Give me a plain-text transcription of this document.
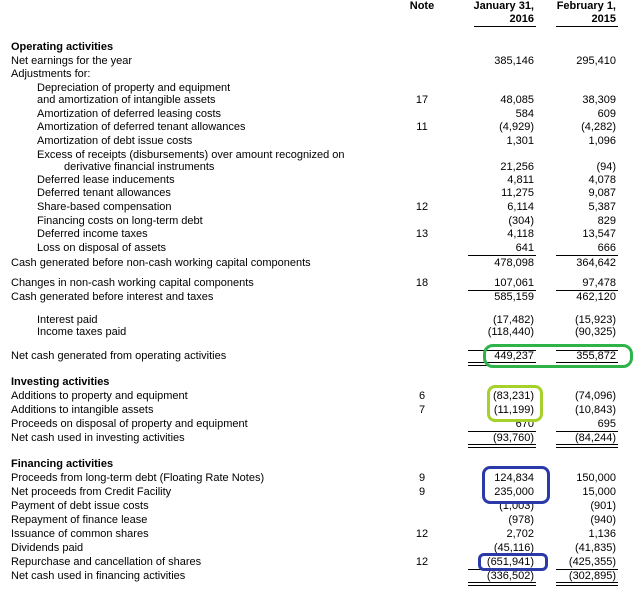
Note	January 31,
2016
February 1,
2015
Operating activities
Net earnings for the year	385,146	295,410
Adjustments for:
Depreciation of property and equipment
and amortization of intangible assets	17	48,085	38,309
Amortization of deferred leasing costs	584	609
Amortization of deferred tenant allowances	11	(4,929)	(4,282)
Amortization of debt issue costs	1,301	1,096
Excess of receipts (disbursements) over amount recognized on
derivative financial instruments	21,256	(94)
Deferred lease inducements	4,811	4,078
Deferred tenant allowances	11,275	9,087
Share-based compensation	12	6,114	5,387
Financing costs on long-term debt	(304)	829
Deferred income taxes	13	4,118	13,547
Loss on disposal of assets	641	666
Cash generated before non-cash working capital components	478,098	364,642
Changes in non-cash working capital components	18	107,061	97,478
Cash generated before interest and taxes	585,159	462,120
Interest paid	(17,482)	(15,923)
Income taxes paid	(118,440)	(90,325)
Net cash generated from operating activities	449,237	355,872
Investing activities
Additions to property and equipment	6	(83,231)	(74,096)
Additions to intangible assets	7	(11,199)	(10,843)
Proceeds on disposal of property and equipment	670	695
Net cash used in investing activities	(93,760)	(84,244)
Financing activities
Proceeds from long-term debt (Floating Rate Notes)	9	124,834	150,000
Net proceeds from Credit Facility	9	235,000	15,000
Payment of debt issue costs	(1,003)	(901)
Repayment of finance lease	(978)	(940)
Issuance of common shares	12	2,702	1,136
Dividends paid	(45,116)	(41,835)
Repurchase and cancellation of shares	12	(651,941)	(425,355)
Net cash used in financing activities	(336,502)	(302,895)
